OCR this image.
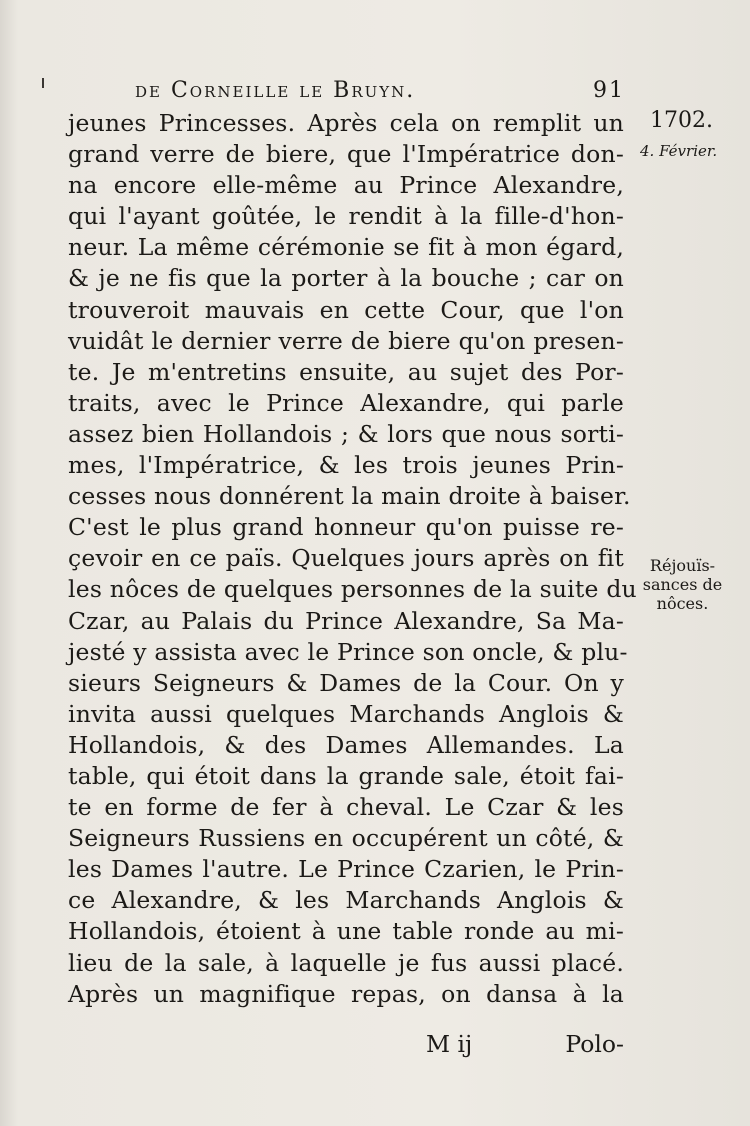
de Corneille le Bruyn.	91
1702.
4. Février.
Réjouïs-
sances de
nôces.
jeunes Princesses. Après cela on remplit un
grand verre de biere, que l'Impératrice don-
na encore elle-même au Prince Alexandre,
qui l'ayant goûtée, le rendit à la fille-d'hon-
neur. La même cérémonie se fit à mon égard,
& je ne fis que la porter à la bouche ; car on
trouveroit mauvais en cette Cour, que l'on
vuidât le dernier verre de biere qu'on presen-
te. Je m'entretins ensuite, au sujet des Por-
traits, avec le Prince Alexandre, qui parle
assez bien Hollandois ; & lors que nous sorti-
mes, l'Impératrice, & les trois jeunes Prin-
cesses nous donnérent la main droite à baiser.
C'est le plus grand honneur qu'on puisse re-
çevoir en ce païs. Quelques jours après on fit
les nôces de quelques personnes de la suite du
Czar, au Palais du Prince Alexandre, Sa Ma-
jesté y assista avec le Prince son oncle, & plu-
sieurs Seigneurs & Dames de la Cour. On y
invita aussi quelques Marchands Anglois &
Hollandois, & des Dames Allemandes. La
table, qui étoit dans la grande sale, étoit fai-
te en forme de fer à cheval. Le Czar & les
Seigneurs Russiens en occupérent un côté, &
les Dames l'autre. Le Prince Czarien, le Prin-
ce Alexandre, & les Marchands Anglois &
Hollandois, étoient à une table ronde au mi-
lieu de la sale, à laquelle je fus aussi placé.
Après un magnifique repas, on dansa à la
M ij	Polo-
